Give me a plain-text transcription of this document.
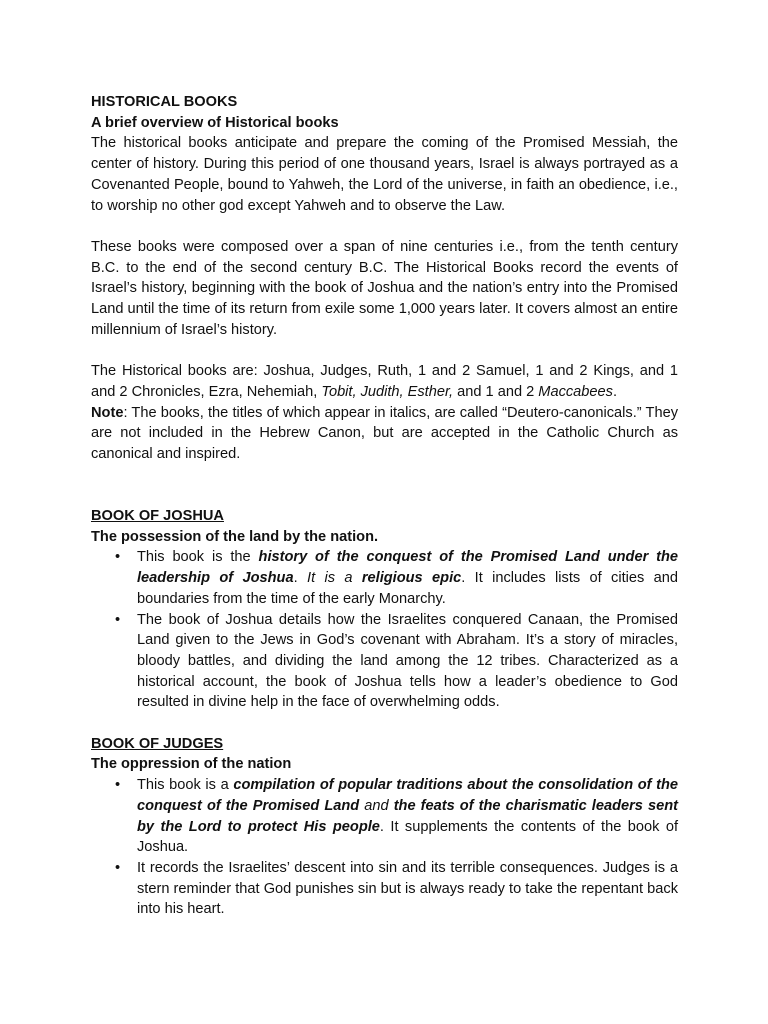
HISTORICAL BOOKS

A brief overview of Historical books

The historical books anticipate and prepare the coming of the Promised Messiah, the center of history. During this period of one thousand years, Israel is always portrayed as a Covenanted People, bound to Yahweh, the Lord of the universe, in faith an obedience, i.e., to worship no other god except Yahweh and to observe the Law.

These books were composed over a span of nine centuries i.e., from the tenth century B.C. to the end of the second century B.C. The Historical Books record the events of Israel’s history, beginning with the book of Joshua and the nation’s entry into the Promised Land until the time of its return from exile some 1,000 years later. It covers almost an entire millennium of Israel’s history.

The Historical books are: Joshua, Judges, Ruth, 1 and 2 Samuel, 1 and 2 Kings, and 1 and 2 Chronicles, Ezra, Nehemiah, Tobit, Judith, Esther, and 1 and 2 Maccabees.

Note: The books, the titles of which appear in italics, are called “Deutero-canonicals.” They are not included in the Hebrew Canon, but are accepted in the Catholic Church as canonical and inspired.

BOOK OF JOSHUA

The possession of the land by the nation.

• This book is the history of the conquest of the Promised Land under the leadership of Joshua. It is a religious epic. It includes lists of cities and boundaries from the time of the early Monarchy.
• The book of Joshua details how the Israelites conquered Canaan, the Promised Land given to the Jews in God’s covenant with Abraham. It’s a story of miracles, bloody battles, and dividing the land among the 12 tribes. Characterized as a historical account, the book of Joshua tells how a leader’s obedience to God resulted in divine help in the face of overwhelming odds.

BOOK OF JUDGES

The oppression of the nation

• This book is a compilation of popular traditions about the consolidation of the conquest of the Promised Land and the feats of the charismatic leaders sent by the Lord to protect His people. It supplements the contents of the book of Joshua.
• It records the Israelites’ descent into sin and its terrible consequences. Judges is a stern reminder that God punishes sin but is always ready to take the repentant back into his heart.
